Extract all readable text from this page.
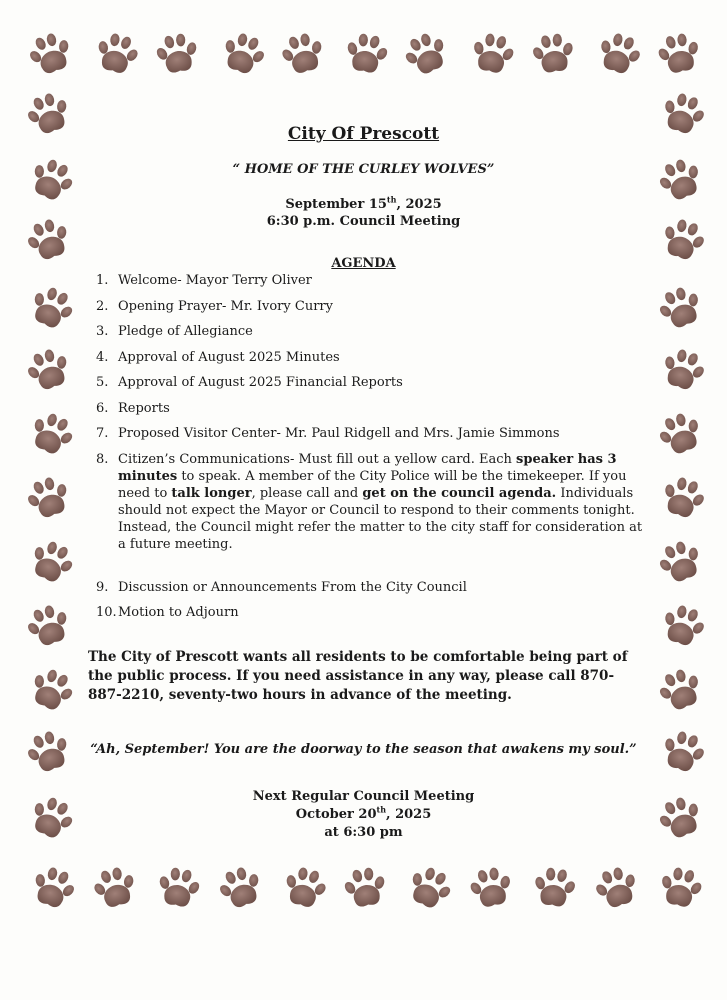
City Of Prescott
“ HOME OF THE CURLEY WOLVES”
September 15th, 2025
6:30 p.m. Council Meeting
AGENDA
1. Welcome- Mayor Terry Oliver
2. Opening Prayer- Mr. Ivory Curry
3. Pledge of Allegiance
4. Approval of August 2025 Minutes
5. Approval of August 2025 Financial Reports
6. Reports
7. Proposed Visitor Center- Mr. Paul Ridgell and Mrs. Jamie Simmons
8. Citizen’s Communications- Must fill out a yellow card. Each speaker has 3 minutes to speak. A member of the City Police will be the timekeeper. If you need to talk longer, please call and get on the council agenda. Individuals should not expect the Mayor or Council to respond to their comments tonight. Instead, the Council might refer the matter to the city staff for consideration at a future meeting.
9. Discussion or Announcements From the City Council
10. Motion to Adjourn
The City of Prescott wants all residents to be comfortable being part of the public process. If you need assistance in any way, please call 870-887-2210, seventy-two hours in advance of the meeting.
“Ah, September! You are the doorway to the season that awakens my soul.”
Next Regular Council Meeting
October 20th, 2025
at 6:30 pm
